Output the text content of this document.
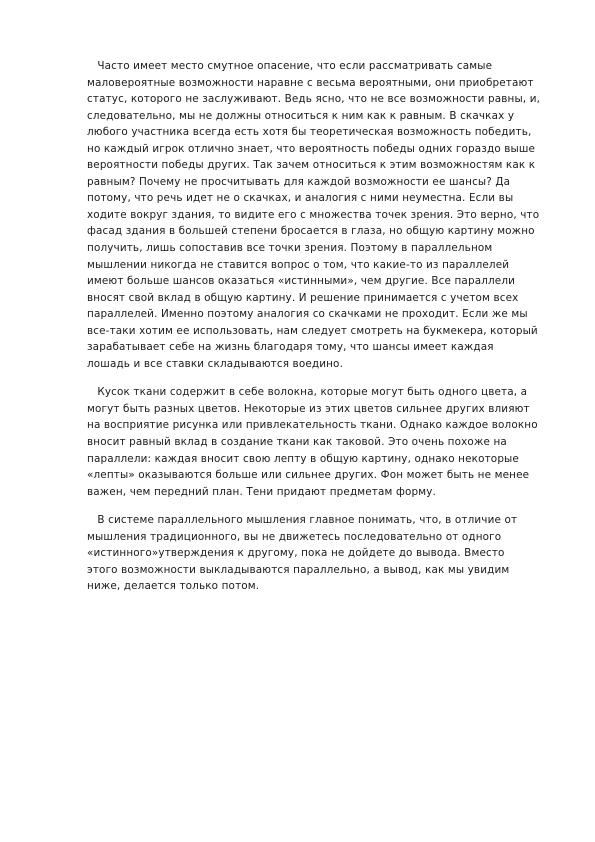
Часто имеет место смутное опасение, что если рассматривать самые
маловероятные возможности наравне с весьма вероятными, они приобретают
статус, которого не заслуживают. Ведь ясно, что не все возможности равны, и,
следовательно, мы не должны относиться к ним как к равным. В скачках у
любого участника всегда есть хотя бы теоретическая возможность победить,
но каждый игрок отлично знает, что вероятность победы одних гораздо выше
вероятности победы других. Так зачем относиться к этим возможностям как к
равным? Почему не просчитывать для каждой возможности ее шансы? Да
потому, что речь идет не о скачках, и аналогия с ними неуместна. Если вы
ходите вокруг здания, то видите его с множества точек зрения. Это верно, что
фасад здания в большей степени бросается в глаза, но общую картину можно
получить, лишь сопоставив все точки зрения. Поэтому в параллельном
мышлении никогда не ставится вопрос о том, что какие-то из параллелей
имеют больше шансов оказаться «истинными», чем другие. Все параллели
вносят свой вклад в общую картину. И решение принимается с учетом всех
параллелей. Именно поэтому аналогия со скачками не проходит. Если же мы
все-таки хотим ее использовать, нам следует смотреть на букмекера, который
зарабатывает себе на жизнь благодаря тому, что шансы имеет каждая
лошадь и все ставки складываются воедино.

Кусок ткани содержит в себе волокна, которые могут быть одного цвета, а
могут быть разных цветов. Некоторые из этих цветов сильнее других влияют
на восприятие рисунка или привлекательность ткани. Однако каждое волокно
вносит равный вклад в создание ткани как таковой. Это очень похоже на
параллели: каждая вносит свою лепту в общую картину, однако некоторые
«лепты» оказываются больше или сильнее других. Фон может быть не менее
важен, чем передний план. Тени придают предметам форму.

В системе параллельного мышления главное понимать, что, в отличие от
мышления традиционного, вы не движетесь последовательно от одного
«истинного»утверждения к другому, пока не дойдете до вывода. Вместо
этого возможности выкладываются параллельно, а вывод, как мы увидим
ниже, делается только потом.
